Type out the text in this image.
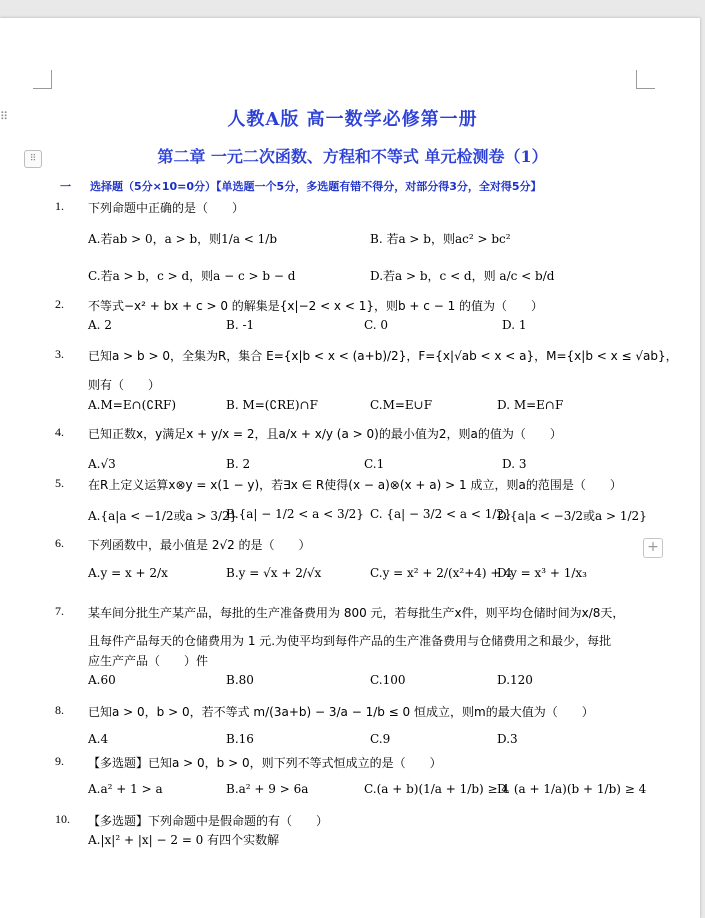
⠿
⠿
+
人教A版 高一数学必修第一册
第二章 一元二次函数、方程和不等式 单元检测卷（1）
一 选择题（5分×10=0分）【单选题一个5分，多选题有错不得分，对部分得3分，全对得5分】
1. 下列命题中正确的是（　　）
A.若ab > 0，a > b，则1/a < 1/b	B. 若a > b，则ac² > bc²
C.若a > b，c > d，则a − c > b − d	D.若a > b，c < d，则 a/c < b/d
2. 不等式−x² + bx + c > 0 的解集是{x|−2 < x < 1}，则b + c − 1 的值为（　　）
A. 2	B. -1	C. 0	D. 1
3. 已知a > b > 0，全集为R，集合 E={x|b < x < (a+b)/2}，F={x|√ab < x < a}，M={x|b < x ≤ √ab}，
则有（　　）
A.M=E∩(∁RF)	B. M=(∁RE)∩F	C.M=E∪F	D. M=E∩F
4. 已知正数x，y满足x + y/x = 2，且a/x + x/y (a > 0)的最小值为2，则a的值为（　　）
A.√3	B. 2	C.1	D. 3
5. 在R上定义运算x⊗y = x(1 − y)，若∃x ∈ R使得(x − a)⊗(x + a) > 1 成立，则a的范围是（　　）
A.{a|a < −1/2或a > 3/2}
B.{a| − 1/2 < a < 3/2} C. {a| − 3/2 < a < 1/2}
D.{a|a < −3/2或a > 1/2}
6. 下列函数中，最小值是 2√2 的是（　　）
A.y = x + 2/x	B.y = √x + 2/√x	C.y = x² + 2/(x²+4) + 4
D.y = x³ + 1/x₃
7. 某车间分批生产某产品，每批的生产准备费用为 800 元，若每批生产x件，则平均仓储时间为x/8天，
且每件产品每天的仓储费用为 1 元.为使平均到每件产品的生产准备费用与仓储费用之和最少，每批
应生产产品（　　）件
A.60	B.80	C.100	D.120
8. 已知a > 0，b > 0，若不等式 m/(3a+b) − 3/a − 1/b ≤ 0 恒成立，则m的最大值为（　　）
A.4	B.16	C.9	D.3
9. 【多选题】已知a > 0，b > 0，则下列不等式恒成立的是（　　）
A.a² + 1 > a	B.a² + 9 > 6a	C.(a + b)(1/a + 1/b) ≥ 4
D. (a + 1/a)(b + 1/b) ≥ 4
10. 【多选题】下列命题中是假命题的有（　　）
A.|x|² + |x| − 2 = 0 有四个实数解
